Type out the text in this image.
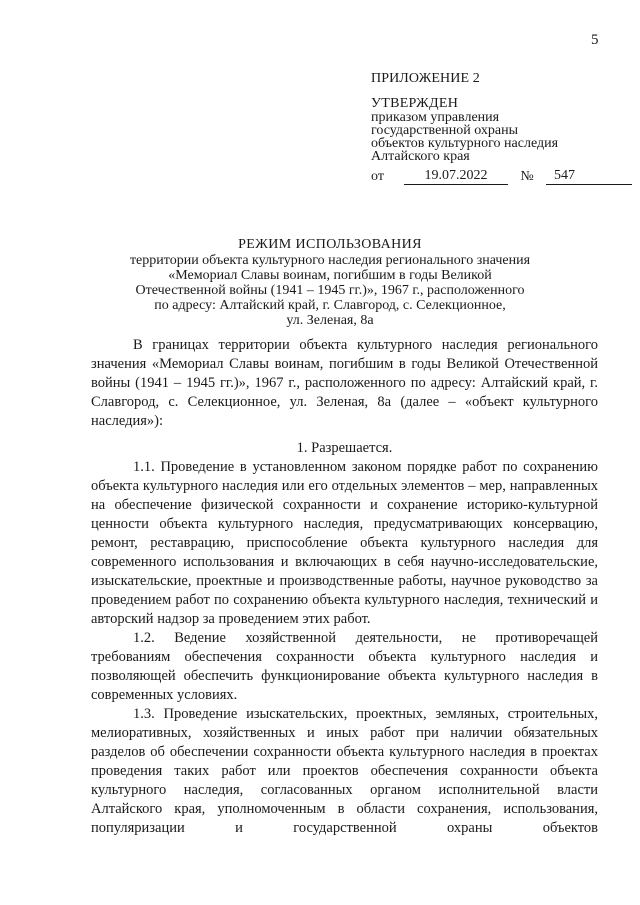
5
ПРИЛОЖЕНИЕ 2
УТВЕРЖДЕН
приказом управления
государственной охраны
объектов культурного наследия
Алтайского края
от	19.07.2022	№	547
РЕЖИМ ИСПОЛЬЗОВАНИЯ
территории объекта культурного наследия регионального значения
«Мемориал Славы воинам, погибшим в годы Великой
Отечественной войны (1941 – 1945 гг.)», 1967 г., расположенного
по адресу: Алтайский край, г. Славгород, с. Селекционное,
ул. Зеленая, 8а

В границах территории объекта культурного наследия регионального значения «Мемориал Славы воинам, погибшим в годы Великой Отечественной войны (1941 – 1945 гг.)», 1967 г., расположенного по адресу: Алтайский край, г. Славгород, с. Селекционное, ул. Зеленая, 8а (далее – «объект культурного наследия»):

1. Разрешается.

1.1. Проведение в установленном законом порядке работ по сохранению объекта культурного наследия или его отдельных элементов – мер, направленных на обеспечение физической сохранности и сохранение историко-культурной ценности объекта культурного наследия, предусматривающих консервацию, ремонт, реставрацию, приспособление объекта культурного наследия для современного использования и включающих в себя научно-исследовательские, изыскательские, проектные и производственные работы, научное руководство за проведением работ по сохранению объекта культурного наследия, технический и авторский надзор за проведением этих работ.

1.2. Ведение хозяйственной деятельности, не противоречащей требованиям обеспечения сохранности объекта культурного наследия и позволяющей обеспечить функционирование объекта культурного наследия в современных условиях.

1.3. Проведение изыскательских, проектных, земляных, строительных, мелиоративных, хозяйственных и иных работ при наличии обязательных разделов об обеспечении сохранности объекта культурного наследия в проектах проведения таких работ или проектов обеспечения сохранности объекта культурного наследия, согласованных органом исполнительной власти Алтайского края, уполномоченным в области сохранения, использования, популяризации и государственной охраны объектов
